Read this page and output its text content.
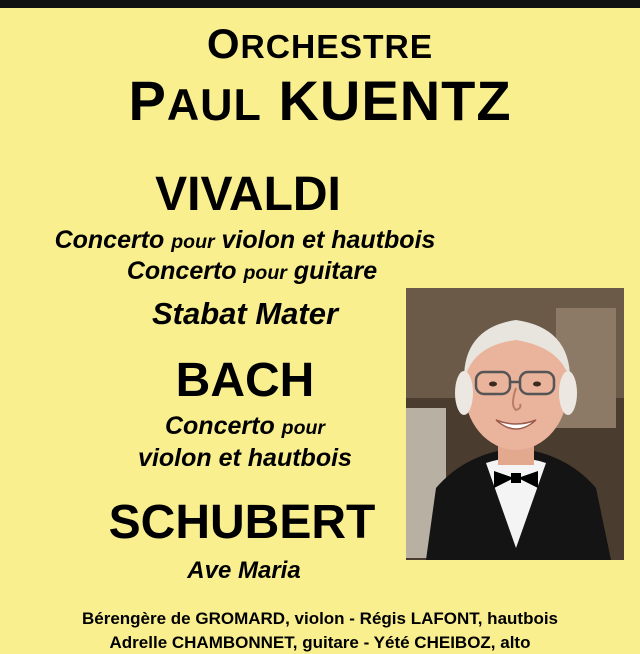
ORCHESTRE
PAUL KUENTZ
VIVALDI
Concerto pour violon et hautbois
Concerto pour guitare
Stabat Mater
BACH
Concerto pour
violon et hautbois
SCHUBERT
Ave Maria
Bérengère de GROMARD, violon - Régis LAFONT, hautbois
Adrelle CHAMBONNET, guitare - Yété CHEIBOZ, alto
